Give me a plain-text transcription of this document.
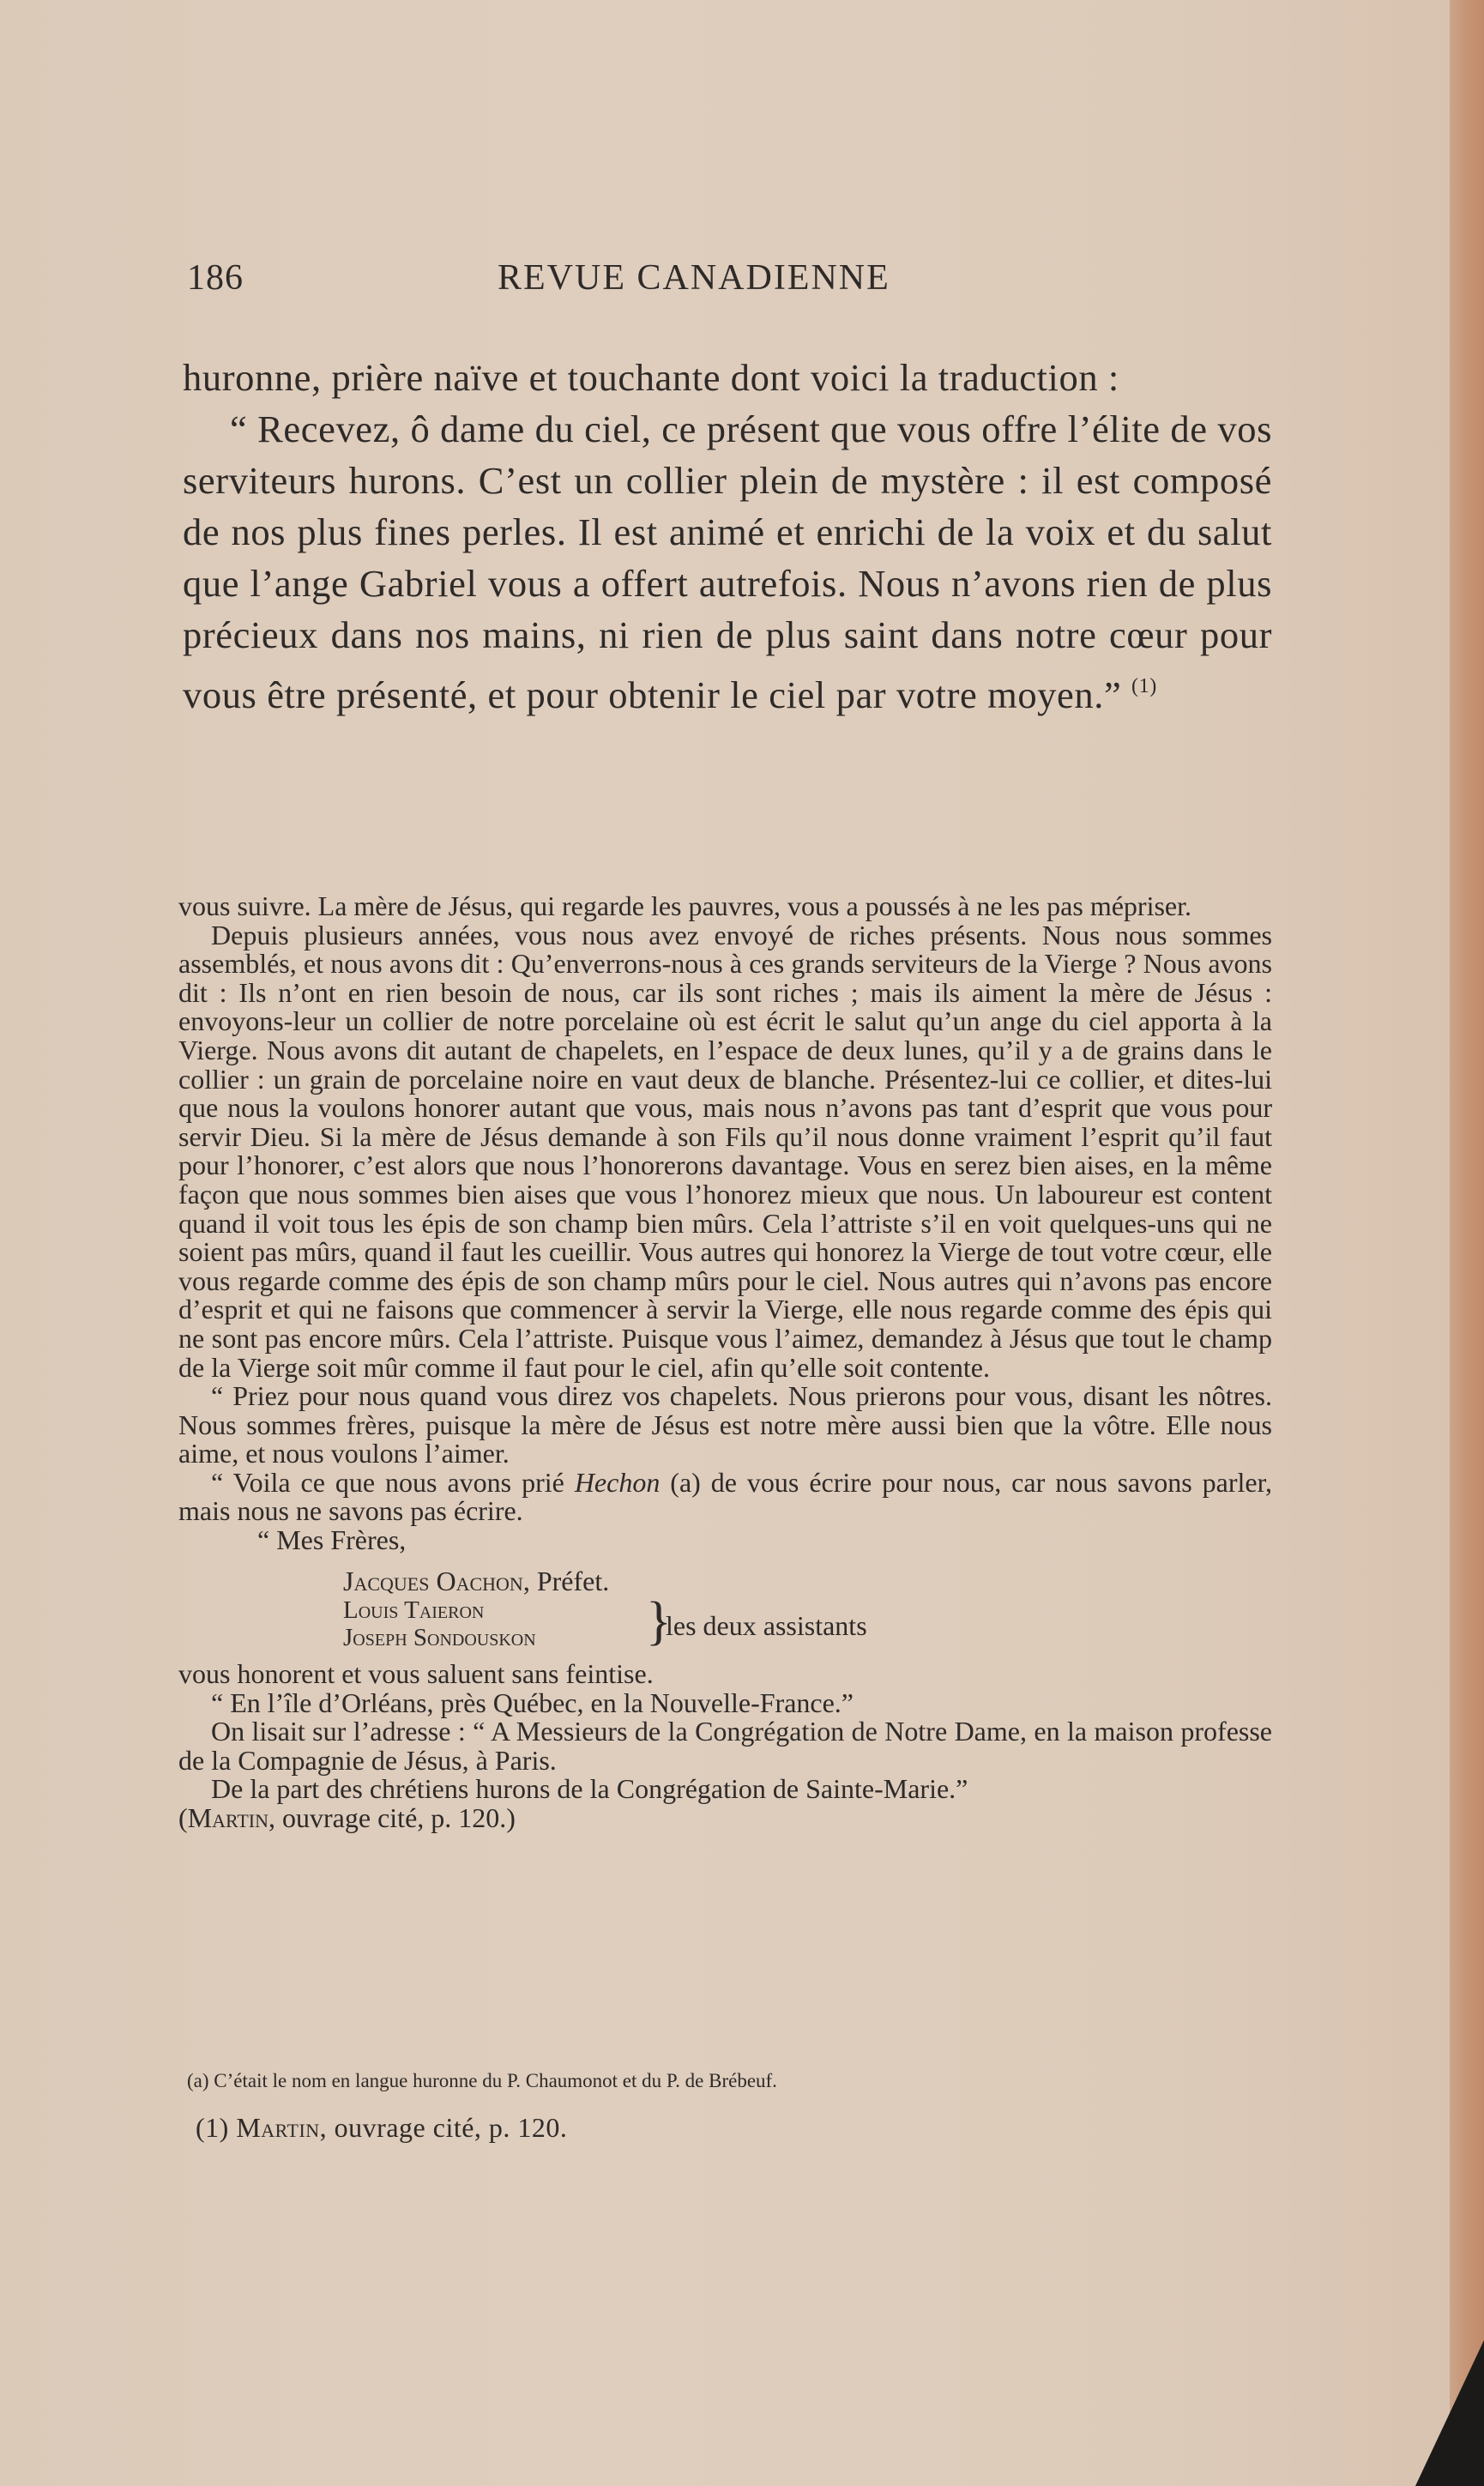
186	REVUE CANADIENNE

huronne, prière naïve et touchante dont voici la traduction :

“ Recevez, ô dame du ciel, ce présent que vous offre l’élite de vos serviteurs hurons. C’est un collier plein de mystère : il est composé de nos plus fines perles. Il est animé et enrichi de la voix et du salut que l’ange Gabriel vous a offert autrefois. Nous n’avons rien de plus précieux dans nos mains, ni rien de plus saint dans notre cœur pour vous être présenté, et pour obtenir le ciel par votre moyen.” $^{(1)}$

vous suivre. La mère de Jésus, qui regarde les pauvres, vous a poussés à ne les pas mépriser.

Depuis plusieurs années, vous nous avez envoyé de riches présents. Nous nous sommes assemblés, et nous avons dit : Qu’enverrons-nous à ces grands serviteurs de la Vierge ? Nous avons dit : Ils n’ont en rien besoin de nous, car ils sont riches ; mais ils aiment la mère de Jésus : envoyons-leur un collier de notre porcelaine où est écrit le salut qu’un ange du ciel apporta à la Vierge. Nous avons dit autant de chapelets, en l’espace de deux lunes, qu’il y a de grains dans le collier : un grain de porcelaine noire en vaut deux de blanche. Présentez-lui ce collier, et dites-lui que nous la voulons honorer autant que vous, mais nous n’avons pas tant d’esprit que vous pour servir Dieu. Si la mère de Jésus demande à son Fils qu’il nous donne vraiment l’esprit qu’il faut pour l’honorer, c’est alors que nous l’honorerons davantage. Vous en serez bien aises, en la même façon que nous sommes bien aises que vous l’honorez mieux que nous. Un laboureur est content quand il voit tous les épis de son champ bien mûrs. Cela l’attriste s’il en voit quelques-uns qui ne soient pas mûrs, quand il faut les cueillir. Vous autres qui honorez la Vierge de tout votre cœur, elle vous regarde comme des épis de son champ mûrs pour le ciel. Nous autres qui n’avons pas encore d’esprit et qui ne faisons que commencer à servir la Vierge, elle nous regarde comme des épis qui ne sont pas encore mûrs. Cela l’attriste. Puisque vous l’aimez, demandez à Jésus que tout le champ de la Vierge soit mûr comme il faut pour le ciel, afin qu’elle soit contente.

“ Priez pour nous quand vous direz vos chapelets. Nous prierons pour vous, disant les nôtres. Nous sommes frères, puisque la mère de Jésus est notre mère aussi bien que la vôtre. Elle nous aime, et nous voulons l’aimer.

“ Voila ce que nous avons prié Hechon (a) de vous écrire pour nous, car nous savons parler, mais nous ne savons pas écrire.

“ Mes Frères,
Jacques Oachon, Préfet.
Louis Taieron
Joseph Sondouskon }
les deux assistants

vous honorent et vous saluent sans feintise.

“ En l’île d’Orléans, près Québec, en la Nouvelle-France.”

On lisait sur l’adresse : “ A Messieurs de la Congrégation de Notre Dame, en la maison professe de la Compagnie de Jésus, à Paris.

De la part des chrétiens hurons de la Congrégation de Sainte-Marie.”

(Martin, ouvrage cité, p. 120.)

(a) C’était le nom en langue huronne du P. Chaumonot et du P. de Brébeuf.
(1) Martin, ouvrage cité, p. 120.
